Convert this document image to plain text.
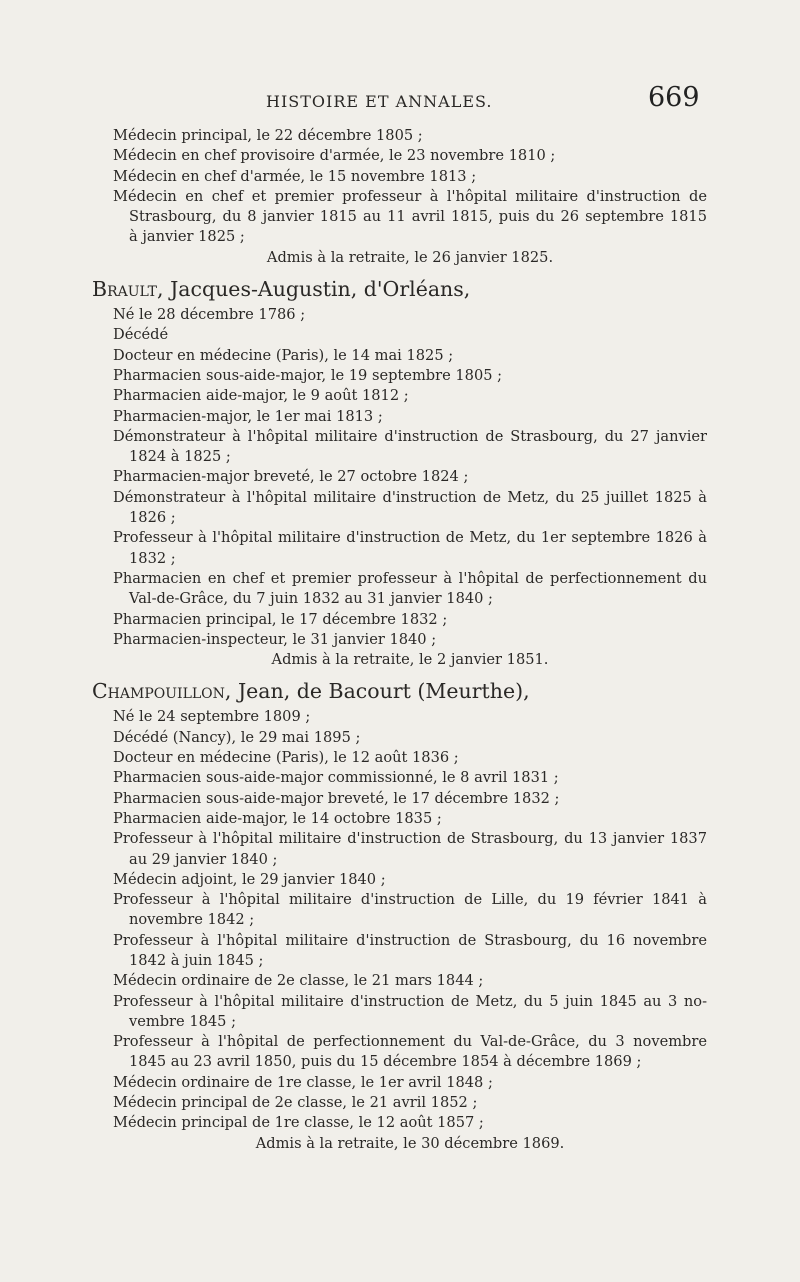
HISTOIRE ET ANNALES.	669
Médecin principal, le 22 décembre 1805 ;
Médecin en chef provisoire d'armée, le 23 novembre 1810 ;
Médecin en chef d'armée, le 15 novembre 1813 ;
Médecin en chef et premier professeur à l'hôpital militaire d'instruction de
Strasbourg, du 8 janvier 1815 au 11 avril 1815, puis du 26 septembre 1815
à janvier 1825 ;
Admis à la retraite, le 26 janvier 1825.
Brault, Jacques-Augustin, d'Orléans,
Né le 28 décembre 1786 ;
Décédé
Docteur en médecine (Paris), le 14 mai 1825 ;
Pharmacien sous-aide-major, le 19 septembre 1805 ;
Pharmacien aide-major, le 9 août 1812 ;
Pharmacien-major, le 1er mai 1813 ;
Démonstrateur à l'hôpital militaire d'instruction de Strasbourg, du 27 janvier
1824 à 1825 ;
Pharmacien-major breveté, le 27 octobre 1824 ;
Démonstrateur à l'hôpital militaire d'instruction de Metz, du 25 juillet 1825 à
1826 ;
Professeur à l'hôpital militaire d'instruction de Metz, du 1er septembre 1826 à
1832 ;
Pharmacien en chef et premier professeur à l'hôpital de perfectionnement du
Val-de-Grâce, du 7 juin 1832 au 31 janvier 1840 ;
Pharmacien principal, le 17 décembre 1832 ;
Pharmacien-inspecteur, le 31 janvier 1840 ;
Admis à la retraite, le 2 janvier 1851.
Champouillon, Jean, de Bacourt (Meurthe),
Né le 24 septembre 1809 ;
Décédé (Nancy), le 29 mai 1895 ;
Docteur en médecine (Paris), le 12 août 1836 ;
Pharmacien sous-aide-major commissionné, le 8 avril 1831 ;
Pharmacien sous-aide-major breveté, le 17 décembre 1832 ;
Pharmacien aide-major, le 14 octobre 1835 ;
Professeur à l'hôpital militaire d'instruction de Strasbourg, du 13 janvier 1837
au 29 janvier 1840 ;
Médecin adjoint, le 29 janvier 1840 ;
Professeur à l'hôpital militaire d'instruction de Lille, du 19 février 1841 à
novembre 1842 ;
Professeur à l'hôpital militaire d'instruction de Strasbourg, du 16 novembre
1842 à juin 1845 ;
Médecin ordinaire de 2e classe, le 21 mars 1844 ;
Professeur à l'hôpital militaire d'instruction de Metz, du 5 juin 1845 au 3 no-
vembre 1845 ;
Professeur à l'hôpital de perfectionnement du Val-de-Grâce, du 3 novembre
1845 au 23 avril 1850, puis du 15 décembre 1854 à décembre 1869 ;
Médecin ordinaire de 1re classe, le 1er avril 1848 ;
Médecin principal de 2e classe, le 21 avril 1852 ;
Médecin principal de 1re classe, le 12 août 1857 ;
Admis à la retraite, le 30 décembre 1869.
